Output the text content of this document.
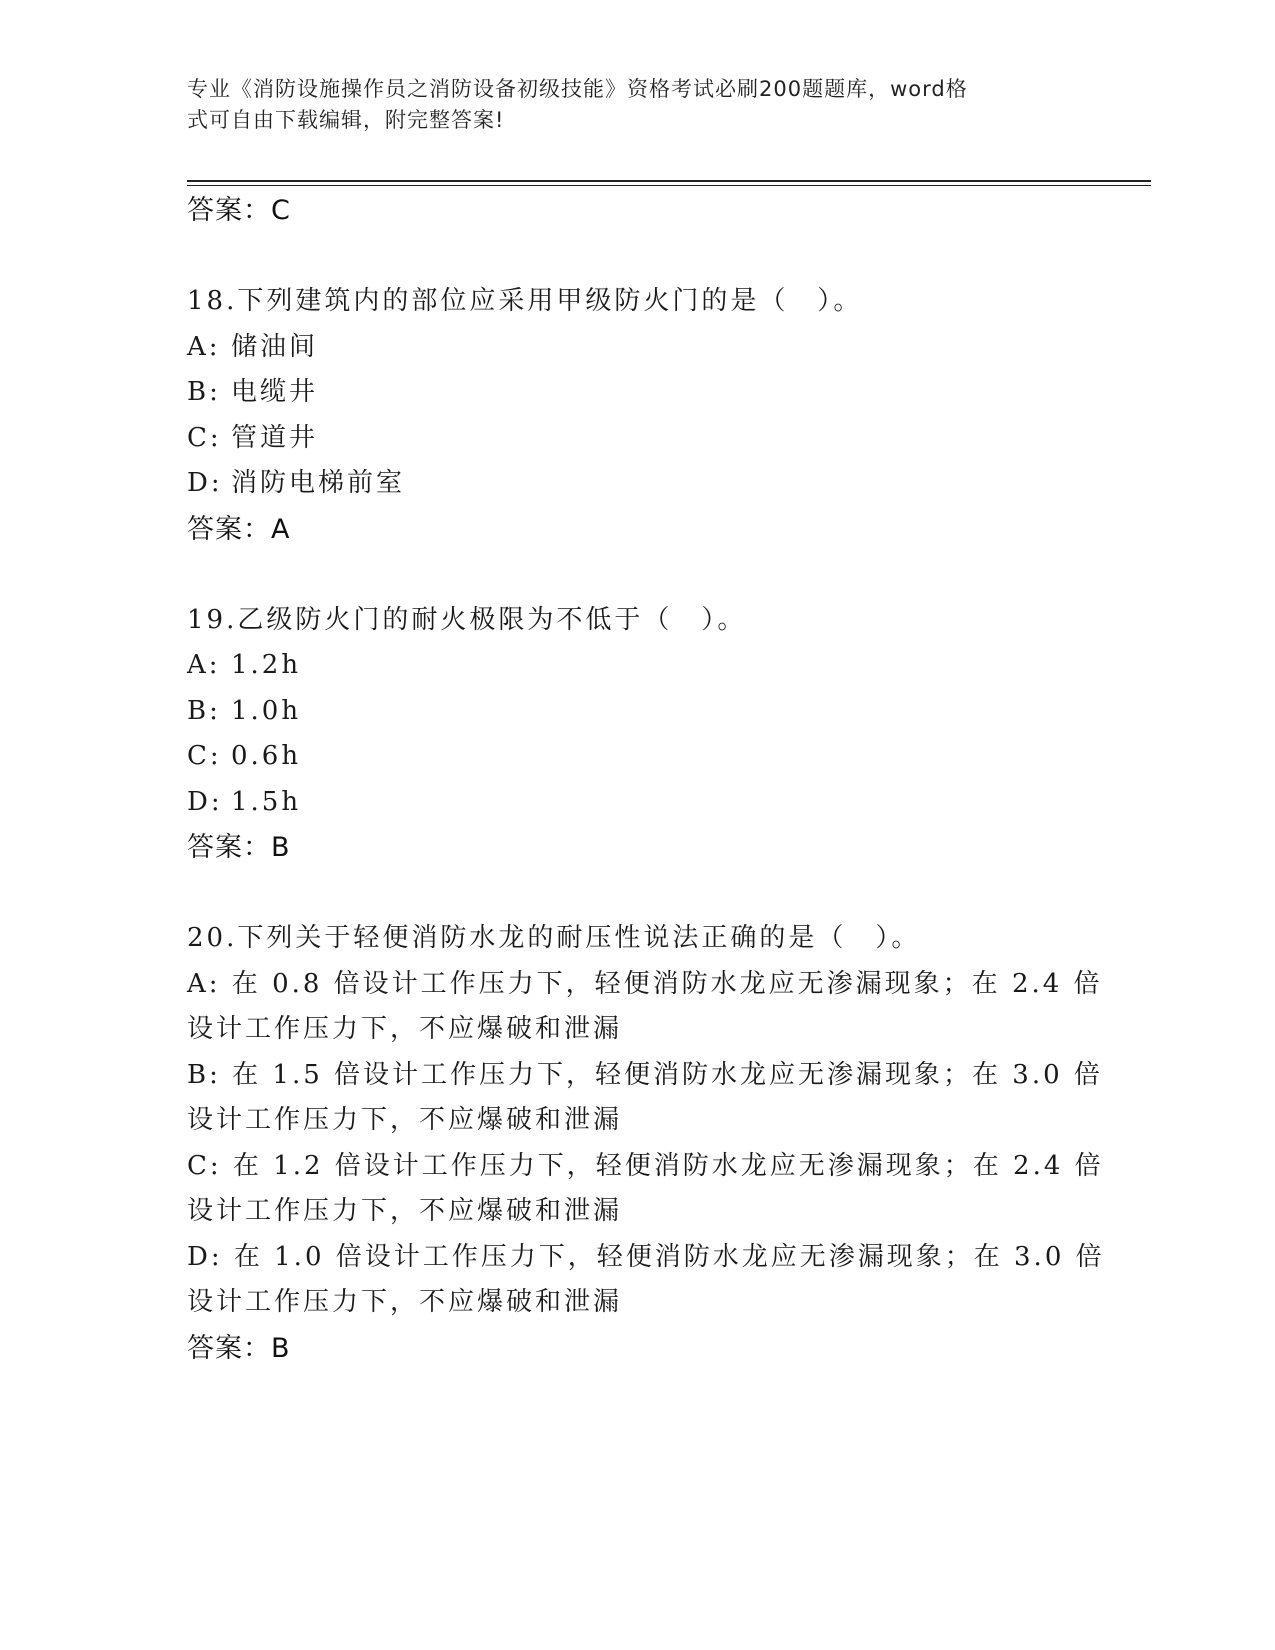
专业《消防设施操作员之消防设备初级技能》资格考试必刷200题题库，word格
式可自由下载编辑，附完整答案!
答案：C
18.下列建筑内的部位应采用甲级防火门的是（　）。
A: 储油间
B: 电缆井
C: 管道井
D: 消防电梯前室
答案：A
19.乙级防火门的耐火极限为不低于（　）。
A: 1.2h
B: 1.0h
C: 0.6h
D: 1.5h
答案：B
20.下列关于轻便消防水龙的耐压性说法正确的是（　）。
A: 在 0.8 倍设计工作压力下，轻便消防水龙应无渗漏现象；在 2.4 倍
设计工作压力下，不应爆破和泄漏
B: 在 1.5 倍设计工作压力下，轻便消防水龙应无渗漏现象；在 3.0 倍
设计工作压力下，不应爆破和泄漏
C: 在 1.2 倍设计工作压力下，轻便消防水龙应无渗漏现象；在 2.4 倍
设计工作压力下，不应爆破和泄漏
D: 在 1.0 倍设计工作压力下，轻便消防水龙应无渗漏现象；在 3.0 倍
设计工作压力下，不应爆破和泄漏
答案：B
